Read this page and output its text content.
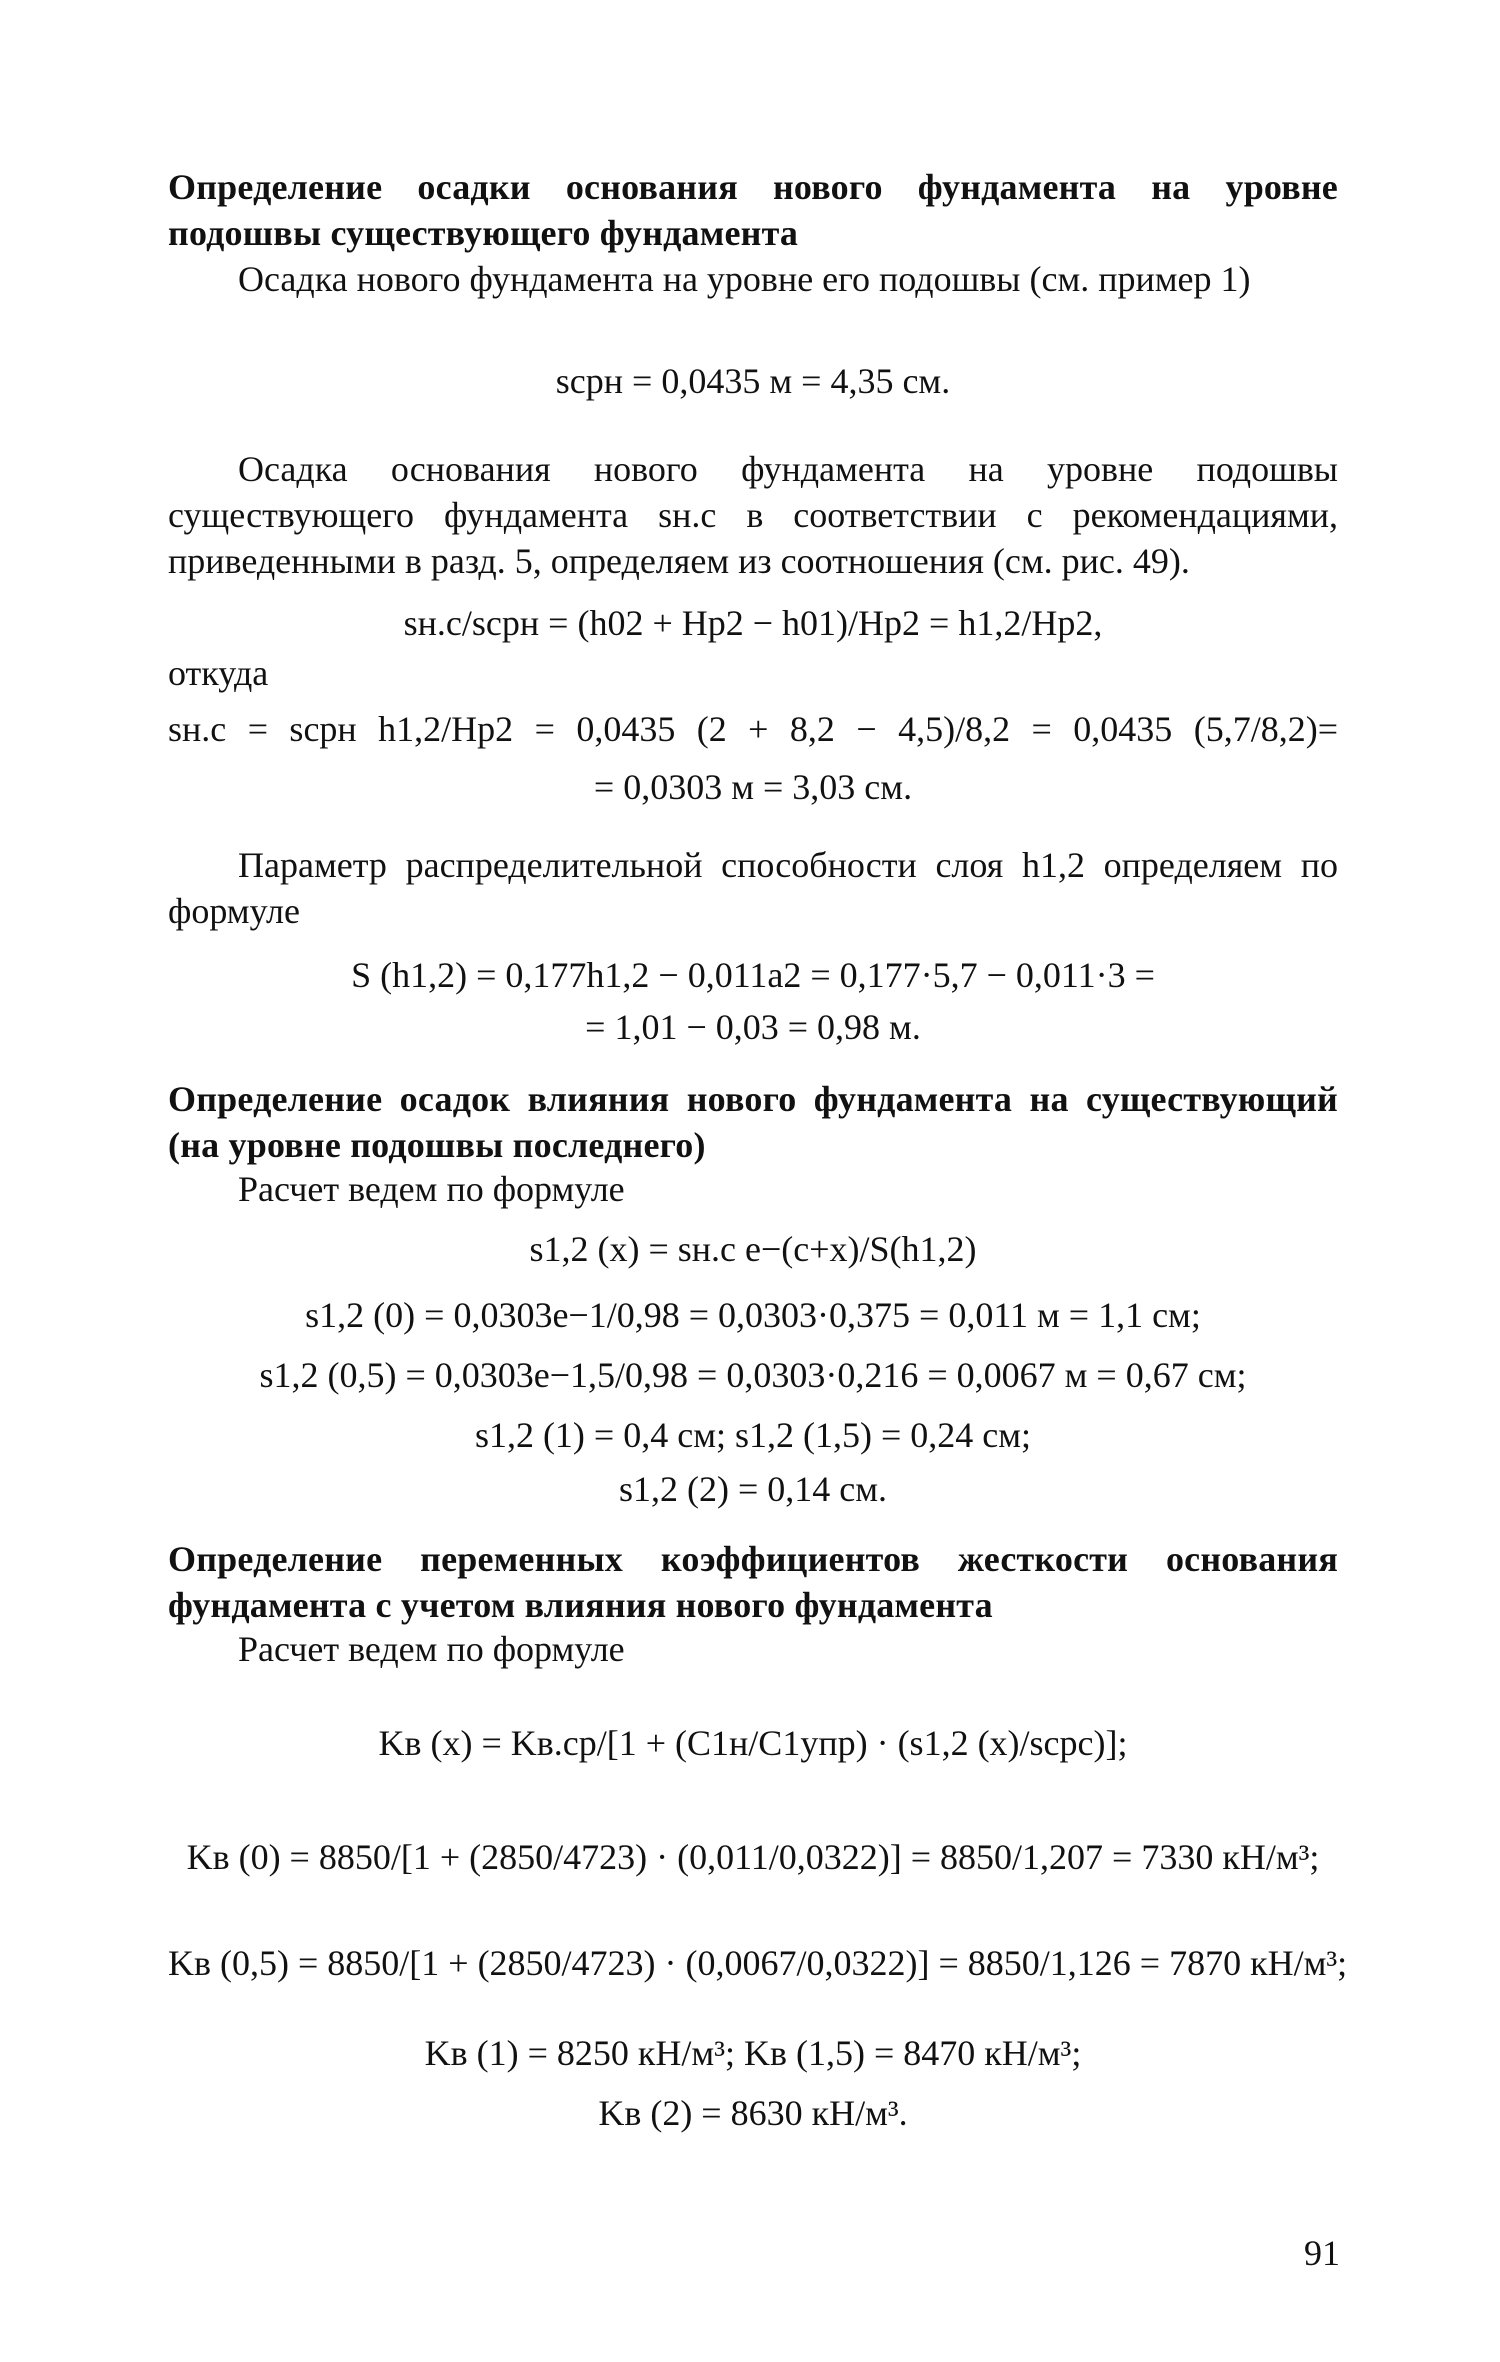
Определение осадки основания нового фундамента на уровне подошвы существующего фундамента
Осадка нового фундамента на уровне его подошвы (см. пример 1)
sсрн = 0,0435 м = 4,35 см.
Осадка основания нового фундамента на уровне подошвы существующего фундамента sн.с в соответствии с рекомендациями, приведенными в разд. 5, определяем из соотношения (см. рис. 49).
sн.с/sсрн = (h02 + Hр2 − h01)/Hр2 = h1,2/Hр2,
откуда
sн.с = sсрн h1,2/Hр2 = 0,0435 (2 + 8,2 − 4,5)/8,2 = 0,0435 (5,7/8,2)=
= 0,0303 м = 3,03 см.
Параметр распределительной способности слоя h1,2 определяем по формуле
S (h1,2) = 0,177h1,2 − 0,011a2 = 0,177·5,7 − 0,011·3 =
= 1,01 − 0,03 = 0,98 м.
Определение осадок влияния нового фундамента на существующий (на уровне подошвы последнего)
Расчет ведем по формуле
s1,2 (x) = sн.с e−(c+x)/S(h1,2)
s1,2 (0) = 0,0303e−1/0,98 = 0,0303·0,375 = 0,011 м = 1,1 см;
s1,2 (0,5) = 0,0303e−1,5/0,98 = 0,0303·0,216 = 0,0067 м = 0,67 см;
s1,2 (1) = 0,4 см; s1,2 (1,5) = 0,24 см;
s1,2 (2) = 0,14 см.
Определение переменных коэффициентов жесткости основания фундамента с учетом влияния нового фундамента
Расчет ведем по формуле
Kв (x) = Kв.ср/[1 + (C1н/C1упр) · (s1,2 (x)/sсрс)];
Kв (0) = 8850/[1 + (2850/4723) · (0,011/0,0322)] = 8850/1,207 = 7330 кН/м³;
Kв (0,5) = 8850/[1 + (2850/4723) · (0,0067/0,0322)] = 8850/1,126 = 7870 кН/м³;
Kв (1) = 8250 кН/м³; Kв (1,5) = 8470 кН/м³;
Kв (2) = 8630 кН/м³.
91
